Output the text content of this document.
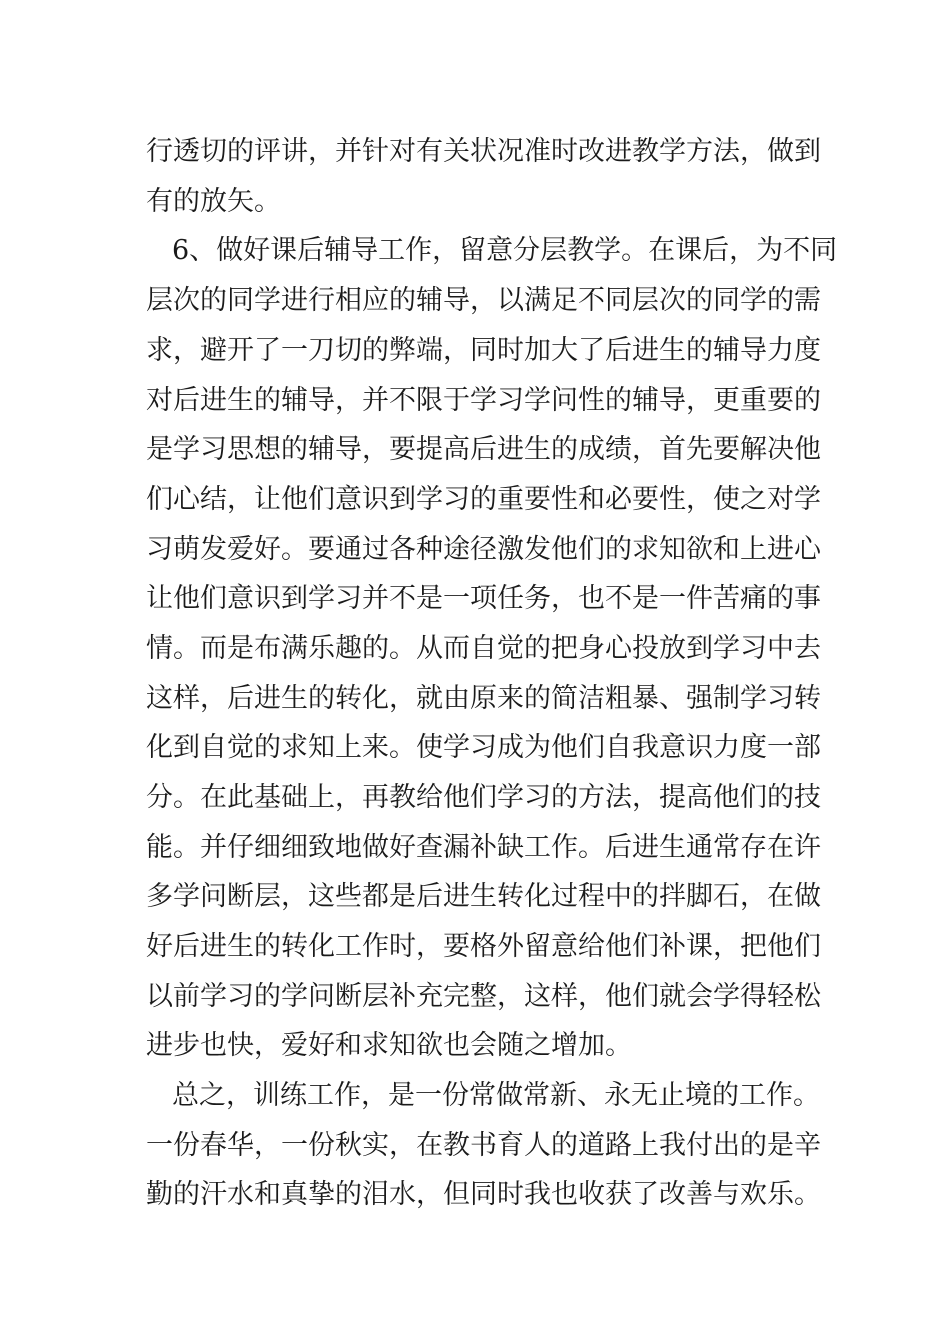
行透切的评讲，并针对有关状况准时改进教学方法，做到
有的放矢。
6、做好课后辅导工作，留意分层教学。在课后，为不同
层次的同学进行相应的辅导，以满足不同层次的同学的需
求，避开了一刀切的弊端，同时加大了后进生的辅导力度
对后进生的辅导，并不限于学习学问性的辅导，更重要的
是学习思想的辅导，要提高后进生的成绩，首先要解决他
们心结，让他们意识到学习的重要性和必要性，使之对学
习萌发爱好。要通过各种途径激发他们的求知欲和上进心
让他们意识到学习并不是一项任务，也不是一件苦痛的事
情。而是布满乐趣的。从而自觉的把身心投放到学习中去
这样，后进生的转化，就由原来的简洁粗暴、强制学习转
化到自觉的求知上来。使学习成为他们自我意识力度一部
分。在此基础上，再教给他们学习的方法，提高他们的技
能。并仔细细致地做好查漏补缺工作。后进生通常存在许
多学问断层，这些都是后进生转化过程中的拌脚石，在做
好后进生的转化工作时，要格外留意给他们补课，把他们
以前学习的学问断层补充完整，这样，他们就会学得轻松
进步也快，爱好和求知欲也会随之增加。
总之，训练工作，是一份常做常新、永无止境的工作。
一份春华，一份秋实，在教书育人的道路上我付出的是辛
勤的汗水和真挚的泪水，但同时我也收获了改善与欢乐。
